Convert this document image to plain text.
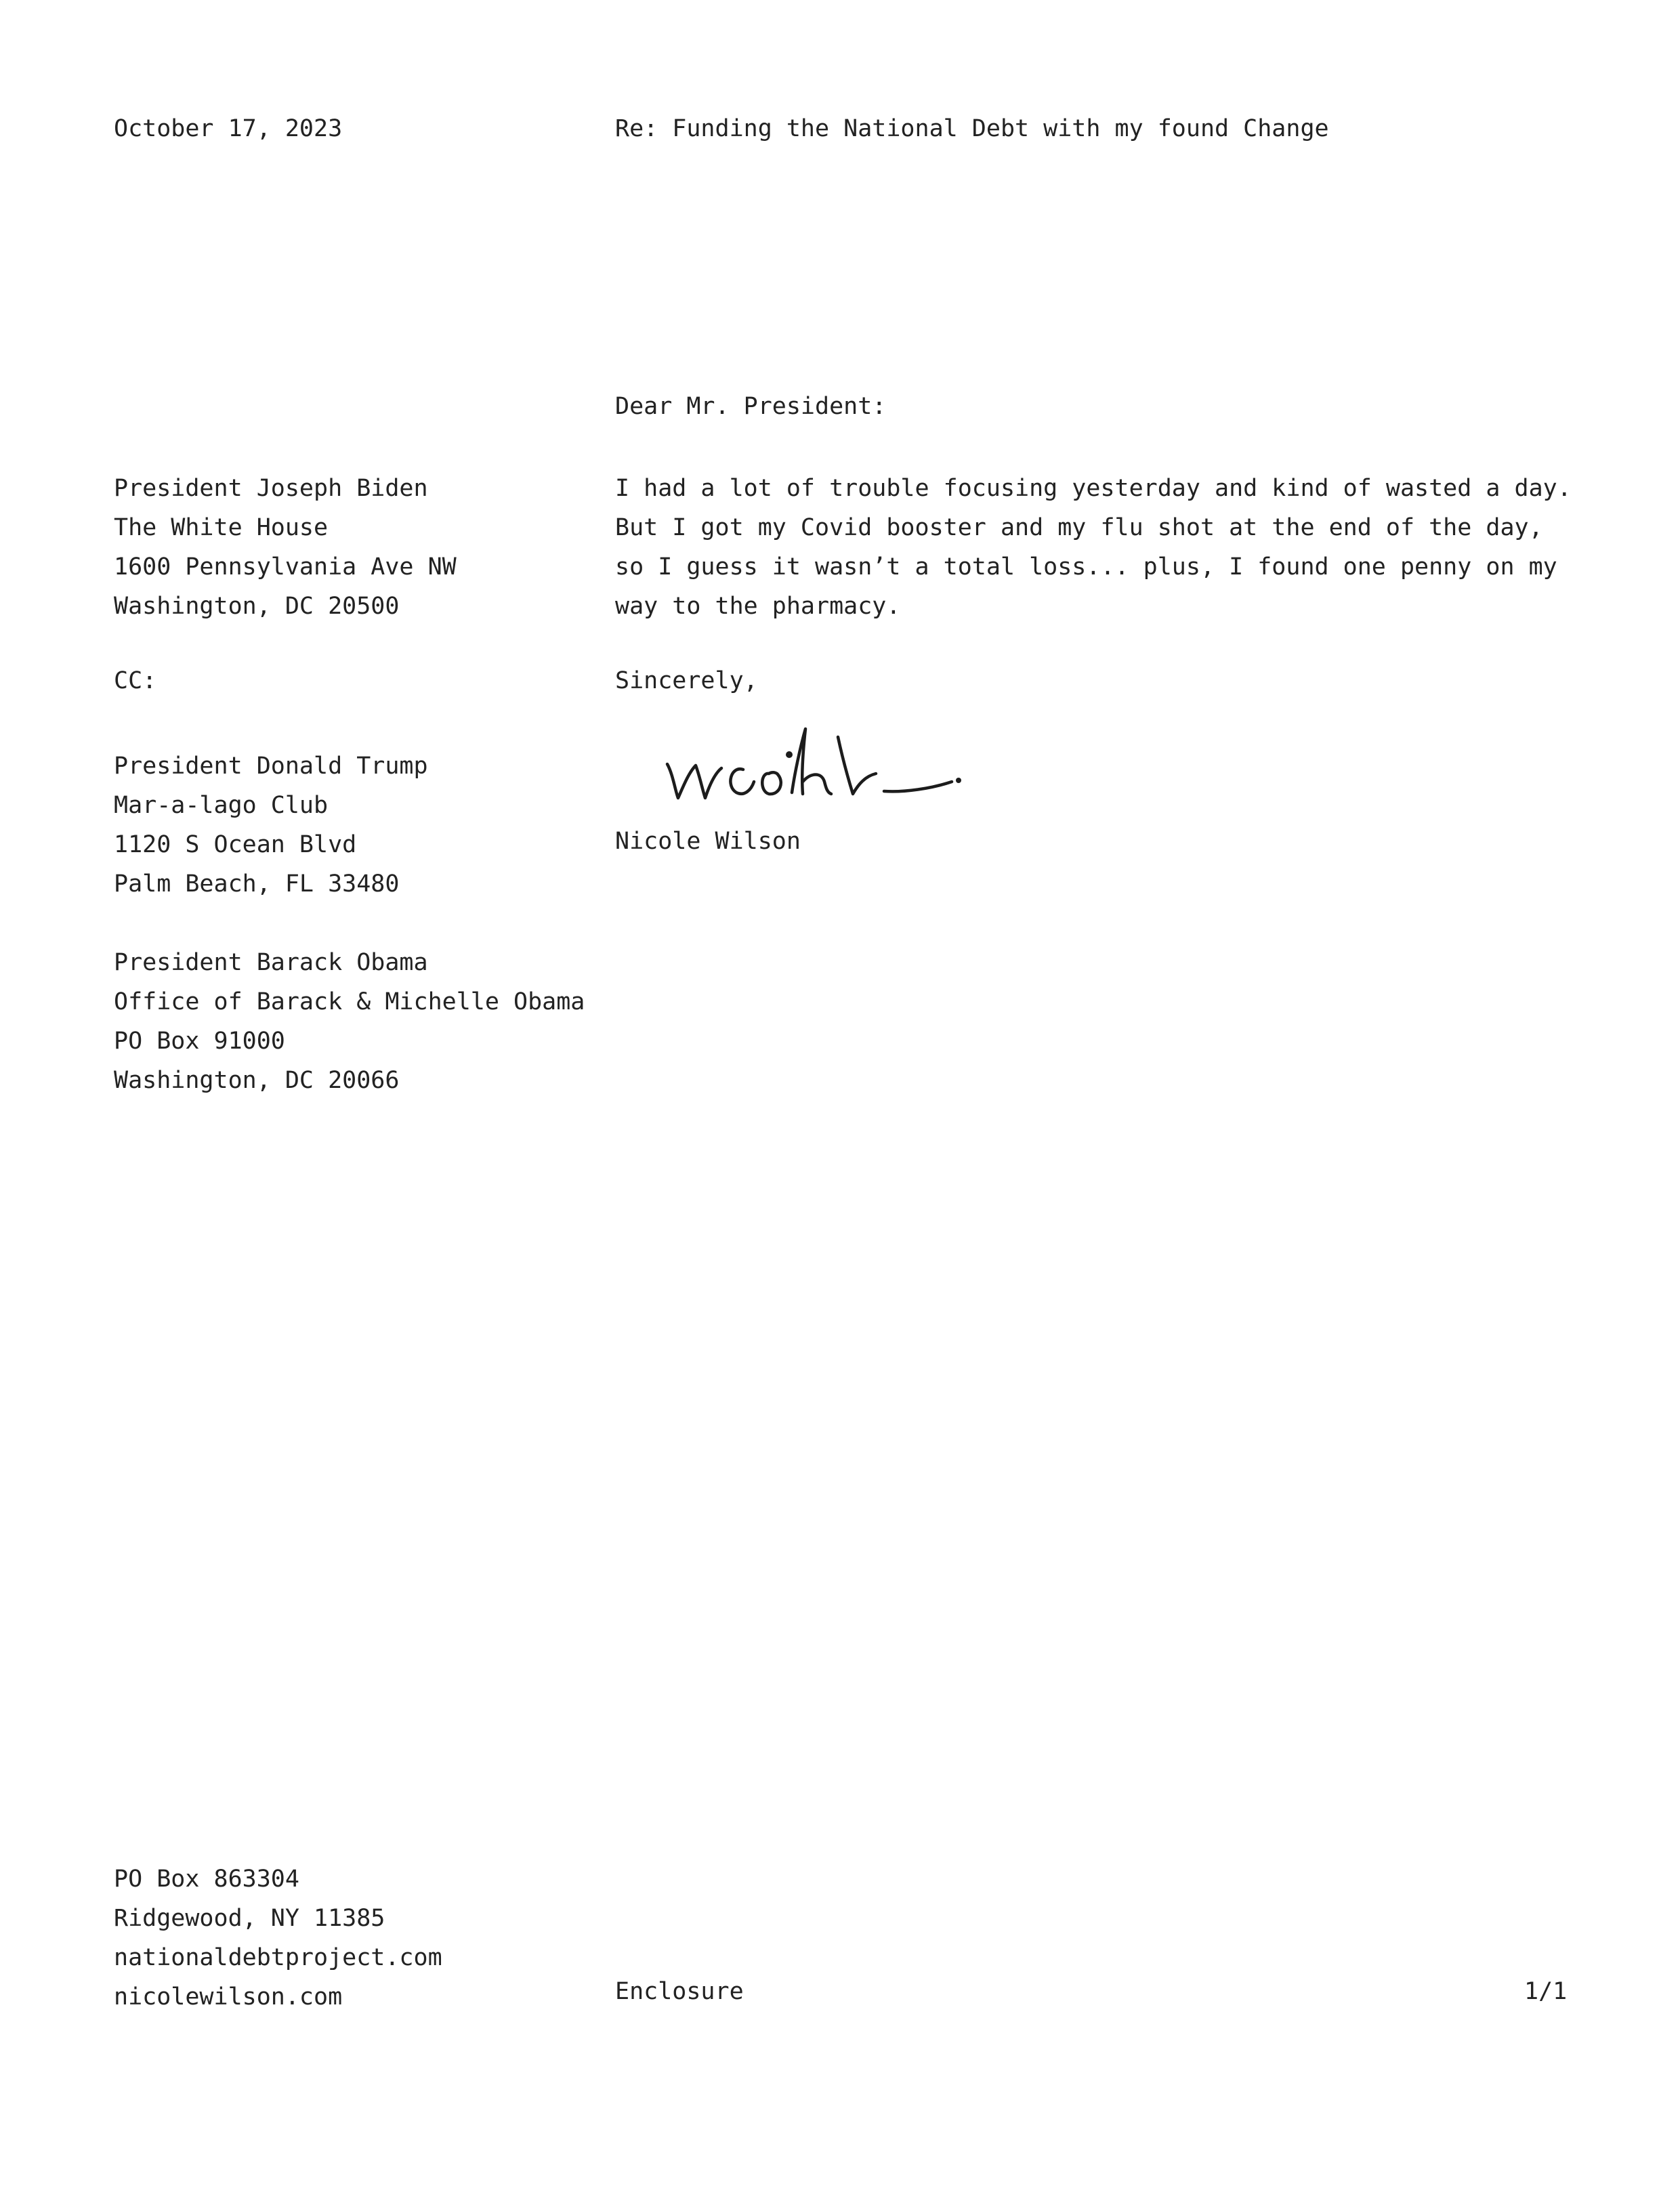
October 17, 2023	Re: Funding the National Debt with my found Change
Dear Mr. President:
President Joseph Biden
The White House
1600 Pennsylvania Ave NW
Washington, DC 20500
I had a lot of trouble focusing yesterday and kind of wasted a day.
But I got my Covid booster and my flu shot at the end of the day,
so I guess it wasn’t a total loss... plus, I found one penny on my
way to the pharmacy.
CC:	Sincerely,
President Donald Trump
Mar-a-lago Club
1120 S Ocean Blvd
Palm Beach, FL 33480
President Barack Obama
Office of Barack & Michelle Obama
PO Box 91000
Washington, DC 20066
Nicole Wilson
PO Box 863304
Ridgewood, NY 11385
nationaldebtproject.com
nicolewilson.com	Enclosure	1/1
